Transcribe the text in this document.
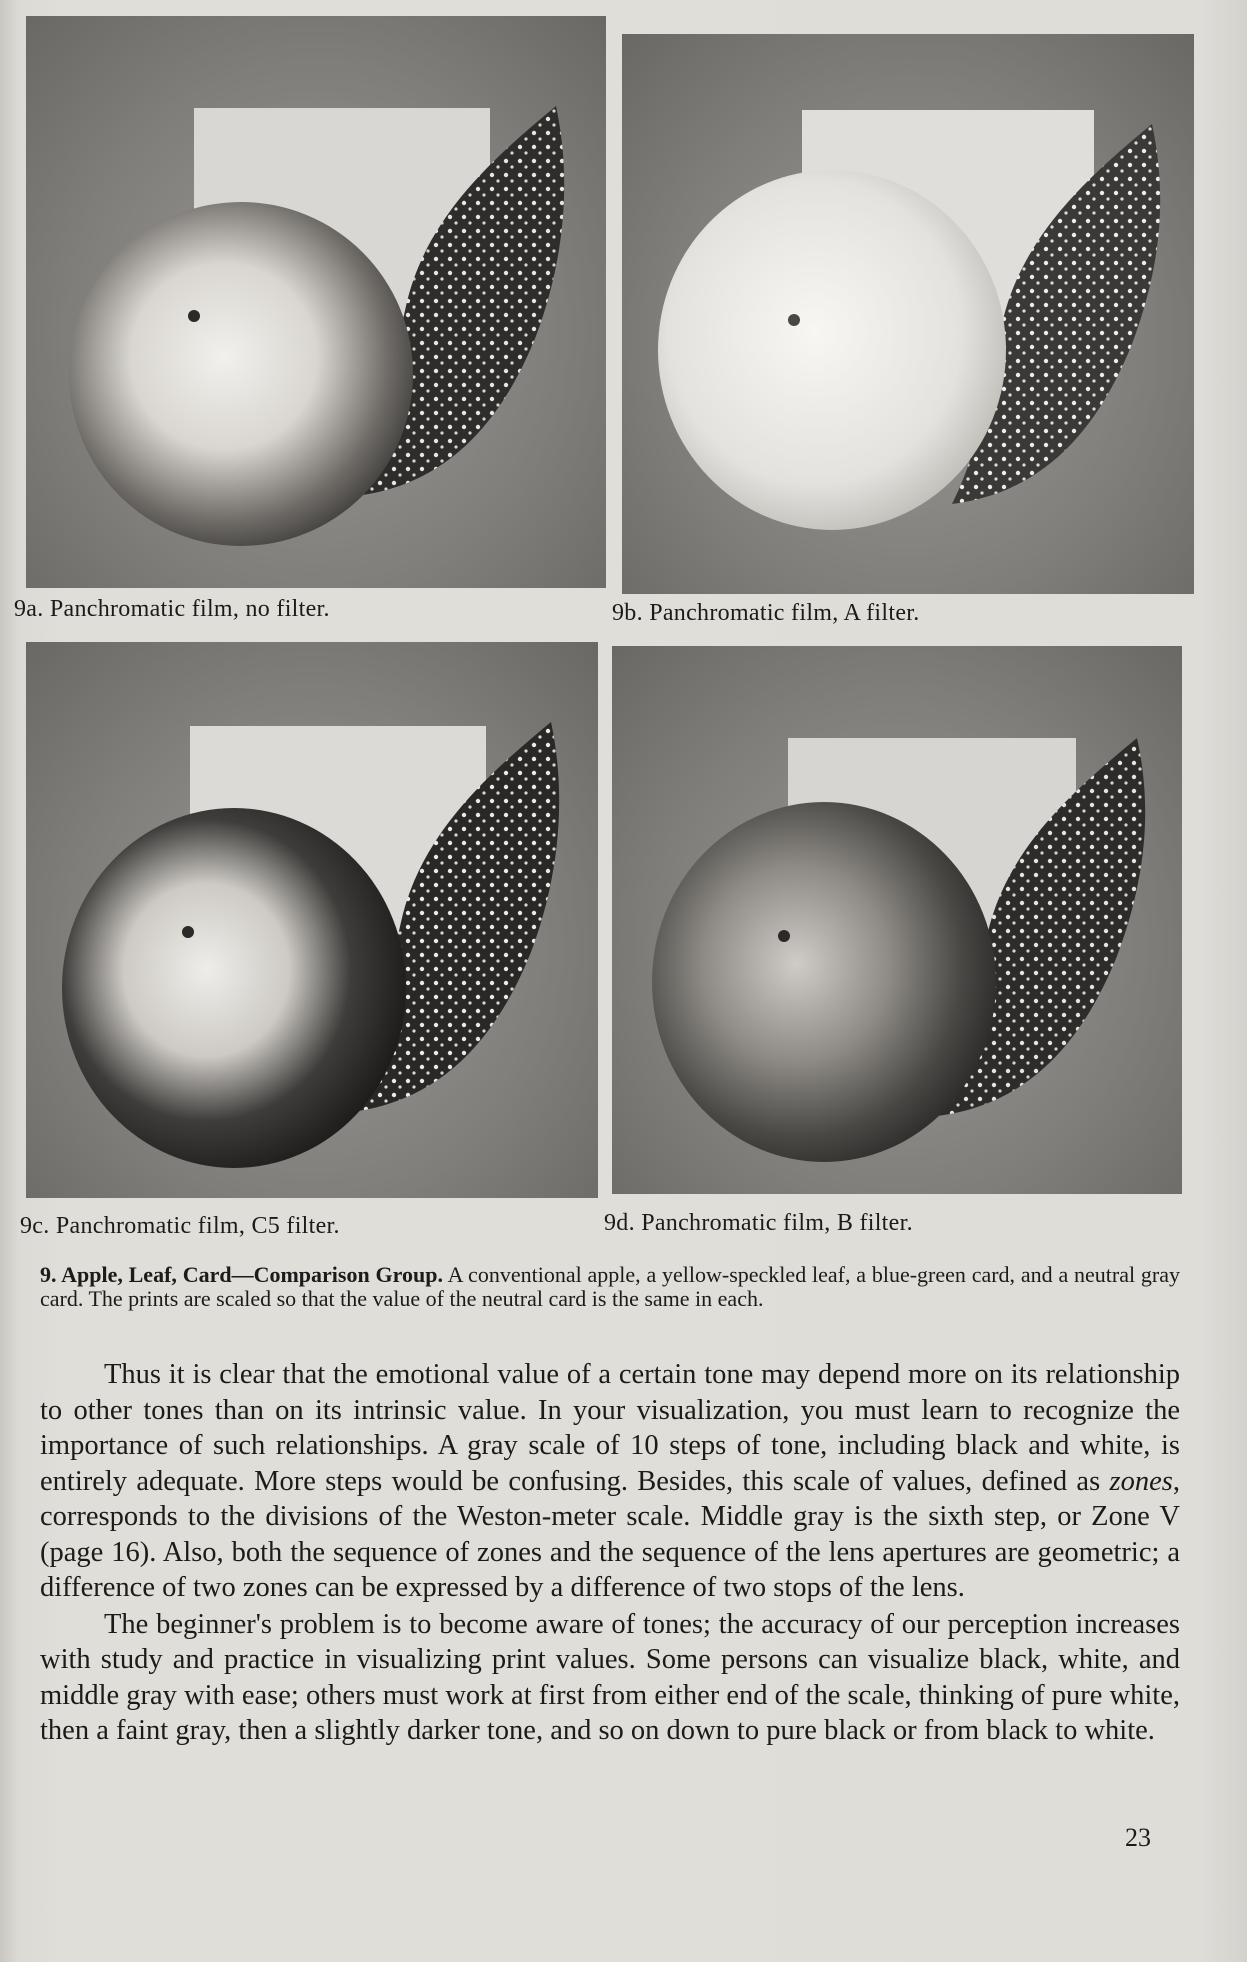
9a. Panchromatic film, no filter.	9b. Panchromatic film, A filter.
9c. Panchromatic film, C5 filter.	9d. Panchromatic film, B filter.
9. Apple, Leaf, Card—Comparison Group. A conventional apple, a yellow-speckled leaf, a blue-green card, and a neutral gray card. The prints are scaled so that the value of the neutral card is the same in each.

Thus it is clear that the emotional value of a certain tone may depend more on its relationship to other tones than on its intrinsic value. In your visualization, you must learn to recognize the importance of such relationships. A gray scale of 10 steps of tone, including black and white, is entirely adequate. More steps would be confusing. Besides, this scale of values, defined as zones, corresponds to the divisions of the Weston-meter scale. Middle gray is the sixth step, or Zone V (page 16). Also, both the sequence of zones and the sequence of the lens apertures are geometric; a difference of two zones can be expressed by a difference of two stops of the lens.

The beginner's problem is to become aware of tones; the accuracy of our perception increases with study and practice in visualizing print values. Some persons can visualize black, white, and middle gray with ease; others must work at first from either end of the scale, thinking of pure white, then a faint gray, then a slightly darker tone, and so on down to pure black or from black to white.

23
